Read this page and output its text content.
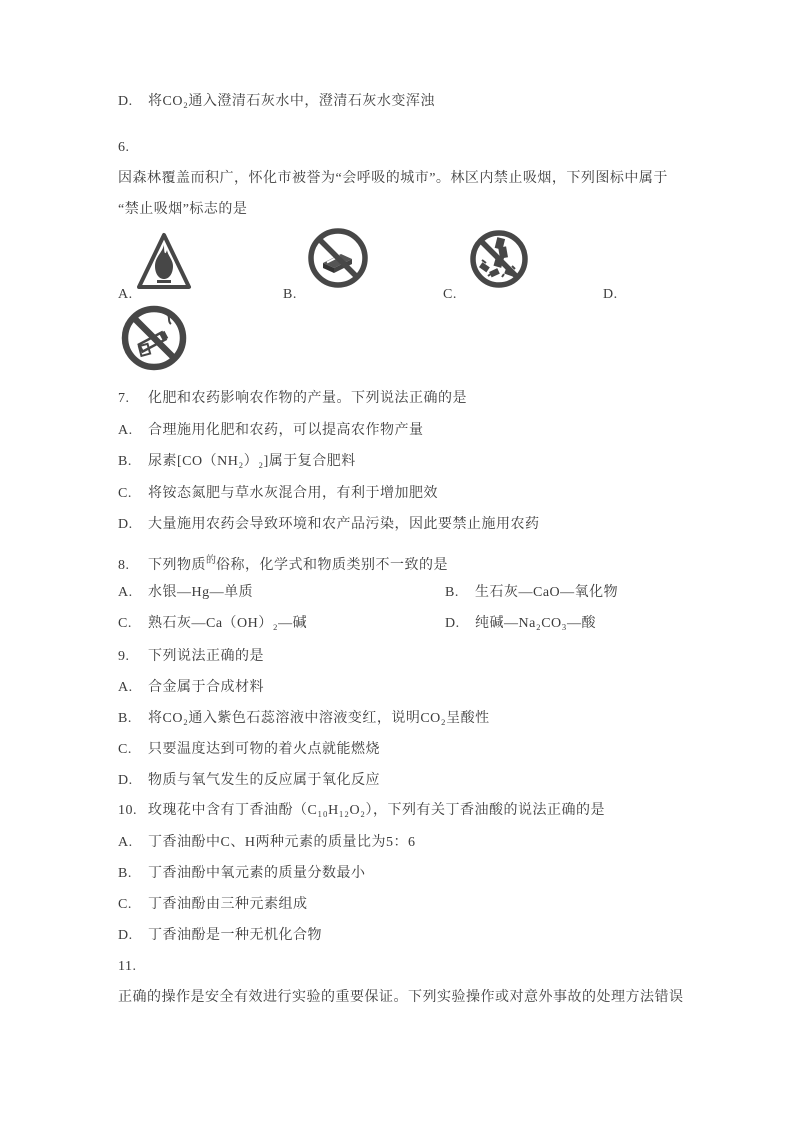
D. 将CO₂通入澄清石灰水中，澄清石灰水变浑浊
6.
因森林覆盖而积广，怀化市被誉为“会呼吸的城市”。林区内禁止吸烟，下列图标中属于
“禁止吸烟”标志的是
A.	B.	C.	D.
7. 化肥和农药影响农作物的产量。下列说法正确的是
A. 合理施用化肥和农药，可以提高农作物产量
B. 尿素[CO（NH₂）₂]属于复合肥料
C. 将铵态氮肥与草水灰混合用，有利于增加肥效
D. 大量施用农药会导致环境和农产品污染，因此要禁止施用农药
8. 下列物质$^的$俗称，化学式和物质类别不一致的是
A. 水银—Hg—单质	B. 生石灰—CaO—氧化物
C. 熟石灰—Ca（OH）₂—碱	D. 纯碱—Na₂CO₃—酸
9. 下列说法正确的是
A. 合金属于合成材料
B. 将CO₂通入紫色石蕊溶液中溶液变红，说明CO₂呈酸性
C. 只要温度达到可物的着火点就能燃烧
D. 物质与氧气发生的反应属于氧化反应
10. 玫瑰花中含有丁香油酚（C₁₀H₁₂O₂），下列有关丁香油酸的说法正确的是
A. 丁香油酚中C、H两种元素的质量比为5：6
B. 丁香油酚中氧元素的质量分数最小
C. 丁香油酚由三种元素组成
D. 丁香油酚是一种无机化合物
11.
正确的操作是安全有效进行实验的重要保证。下列实验操作或对意外事故的处理方法错误
